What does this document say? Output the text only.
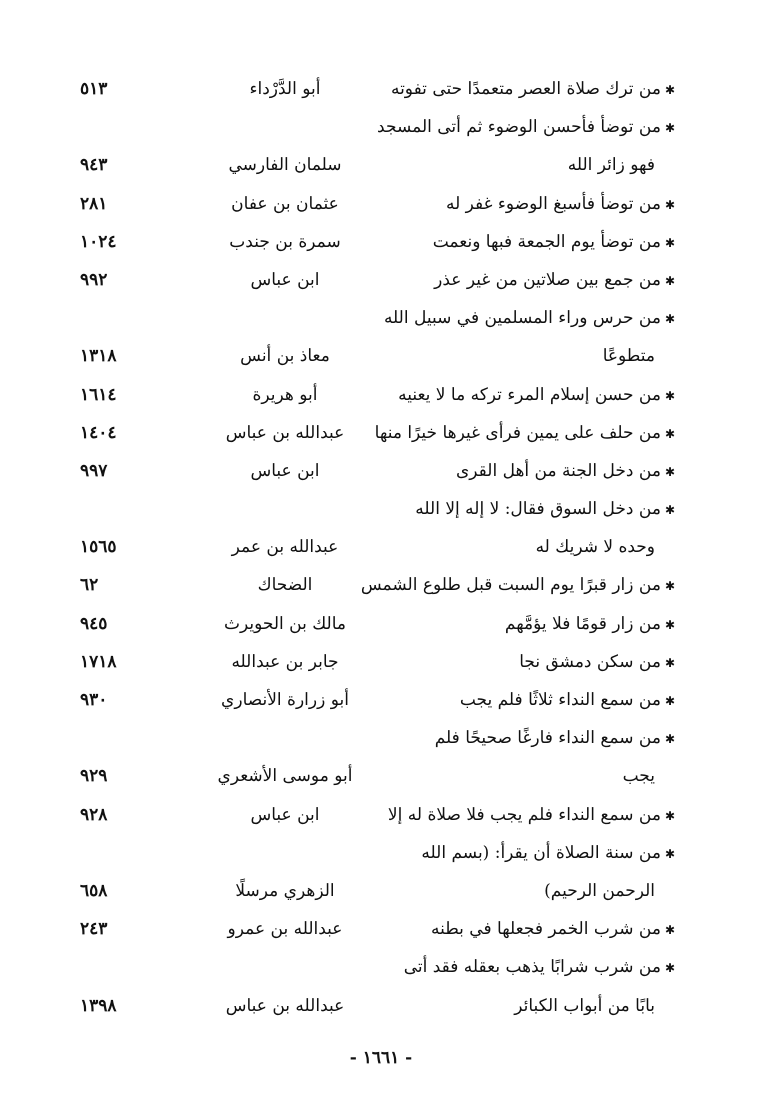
✱ من ترك صلاة العصر متعمدًا حتى تفوته
أبو الدَّرْداء
٥١٣
✱ من توضأ فأحسن الوضوء ثم أتى المسجد
فهو زائر الله
سلمان الفارسي
٩٤٣
✱ من توضأ فأسبغ الوضوء غفر له
عثمان بن عفان
٢٨١
✱ من توضأ يوم الجمعة فبها ونعمت
سمرة بن جندب
١٠٢٤
✱ من جمع بين صلاتين من غير عذر
ابن عباس
٩٩٢
✱ من حرس وراء المسلمين في سبيل الله
متطوعًا
معاذ بن أنس
١٣١٨
✱ من حسن إسلام المرء تركه ما لا يعنيه
أبو هريرة
١٦١٤
✱ من حلف على يمين فرأى غيرها خيرًا منها
عبدالله بن عباس
١٤٠٤
✱ من دخل الجنة من أهل القرى
ابن عباس
٩٩٧
✱ من دخل السوق فقال: لا إله إلا الله
وحده لا شريك له
عبدالله بن عمر
١٥٦٥
✱ من زار قبرًا يوم السبت قبل طلوع الشمس
الضحاك
٦٢
✱ من زار قومًا فلا يؤمَّهم
مالك بن الحويرث
٩٤٥
✱ من سكن دمشق نجا
جابر بن عبدالله
١٧١٨
✱ من سمع النداء ثلاثًا فلم يجب
أبو زرارة الأنصاري
٩٣٠
✱ من سمع النداء فارغًا صحيحًا فلم
يجب
أبو موسى الأشعري
٩٢٩
✱ من سمع النداء فلم يجب فلا صلاة له إلا
ابن عباس
٩٢٨
✱ من سنة الصلاة أن يقرأ: (بسم الله
الرحمن الرحيم)
الزهري مرسلًا
٦٥٨
✱ من شرب الخمر فجعلها في بطنه
عبدالله بن عمرو
٢٤٣
✱ من شرب شرابًا يذهب بعقله فقد أتى
بابًا من أبواب الكبائر
عبدالله بن عباس
١٣٩٨
- ١٦٦١ -
